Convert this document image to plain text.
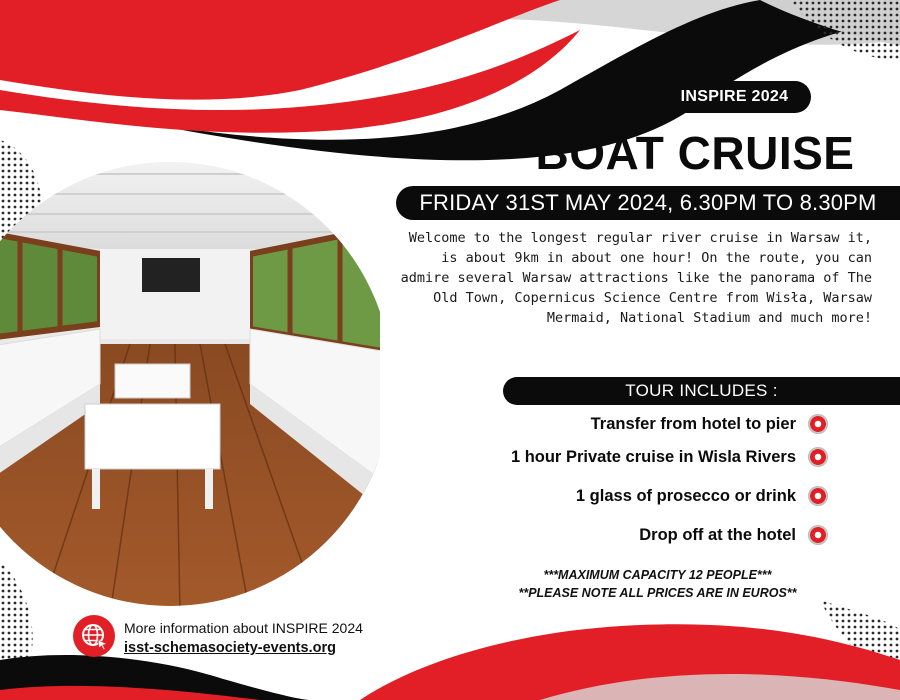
INSPIRE 2024
BOAT CRUISE
FRIDAY 31ST MAY 2024, 6.30PM TO 8.30PM
Welcome to the longest regular river cruise in Warsaw it, is about 9km in about one hour! On the route, you can admire several Warsaw attractions like the panorama of The Old Town, Copernicus Science Centre from Wisła, Warsaw Mermaid, National Stadium and much more!
TOUR INCLUDES :
Transfer from hotel to pier
1 hour Private cruise in Wisla Rivers
1 glass of prosecco or drink
Drop off at the hotel
***MAXIMUM CAPACITY 12 PEOPLE***
**PLEASE NOTE ALL PRICES ARE IN EUROS**
More information about INSPIRE 2024
isst-schemasociety-events.org
